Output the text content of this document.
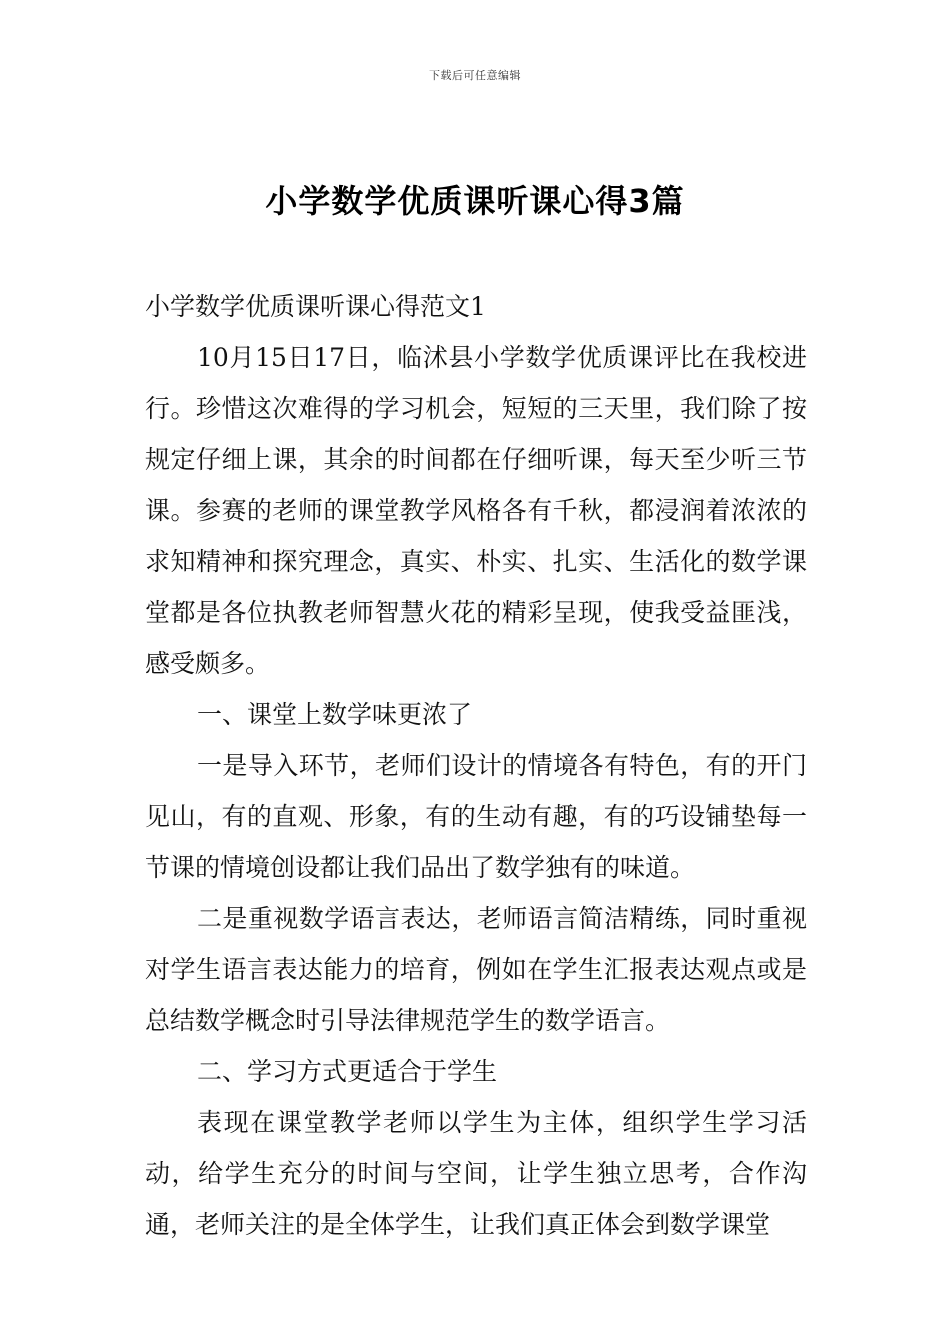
下载后可任意编辑
小学数学优质课听课心得3篇

小学数学优质课听课心得范文1

10月15日17日，临沭县小学数学优质课评比在我校进行。珍惜这次难得的学习机会，短短的三天里，我们除了按规定仔细上课，其余的时间都在仔细听课，每天至少听三节课。参赛的老师的课堂教学风格各有千秋，都浸润着浓浓的求知精神和探究理念，真实、朴实、扎实、生活化的数学课堂都是各位执教老师智慧火花的精彩呈现，使我受益匪浅，感受颇多。

一、课堂上数学味更浓了

一是导入环节，老师们设计的情境各有特色，有的开门见山，有的直观、形象，有的生动有趣，有的巧设铺垫每一节课的情境创设都让我们品出了数学独有的味道。

二是重视数学语言表达，老师语言简洁精练，同时重视对学生语言表达能力的培育，例如在学生汇报表达观点或是总结数学概念时引导法律规范学生的数学语言。

二、学习方式更适合于学生

表现在课堂教学老师以学生为主体，组织学生学习活动，给学生充分的时间与空间，让学生独立思考，合作沟通，老师关注的是全体学生，让我们真正体会到数学课堂
